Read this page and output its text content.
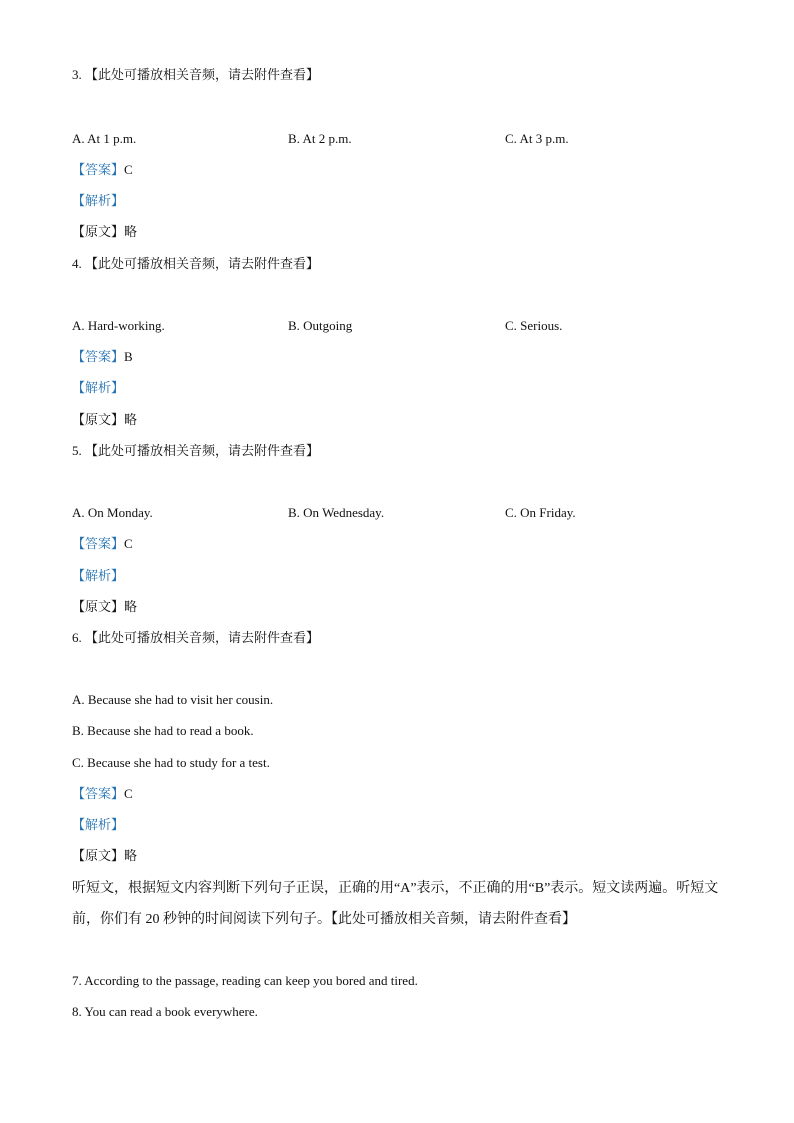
3. 【此处可播放相关音频，请去附件查看】
A. At 1 p.m.	B. At 2 p.m.	C. At 3 p.m.
【答案】C
【解析】
【原文】略
4. 【此处可播放相关音频，请去附件查看】
A. Hard-working.	B. Outgoing	C. Serious.
【答案】B
【解析】
【原文】略
5. 【此处可播放相关音频，请去附件查看】
A. On Monday.	B. On Wednesday.	C. On Friday.
【答案】C
【解析】
【原文】略
6. 【此处可播放相关音频，请去附件查看】
A. Because she had to visit her cousin.
B. Because she had to read a book.
C. Because she had to study for a test.
【答案】C
【解析】
【原文】略
听短文，根据短文内容判断下列句子正误，正确的用“A”表示，不正确的用“B”表示。短文读两遍。听短文前，你们有 20 秒钟的时间阅读下列句子。【此处可播放相关音频，请去附件查看】
7. According to the passage, reading can keep you bored and tired.
8. You can read a book everywhere.
